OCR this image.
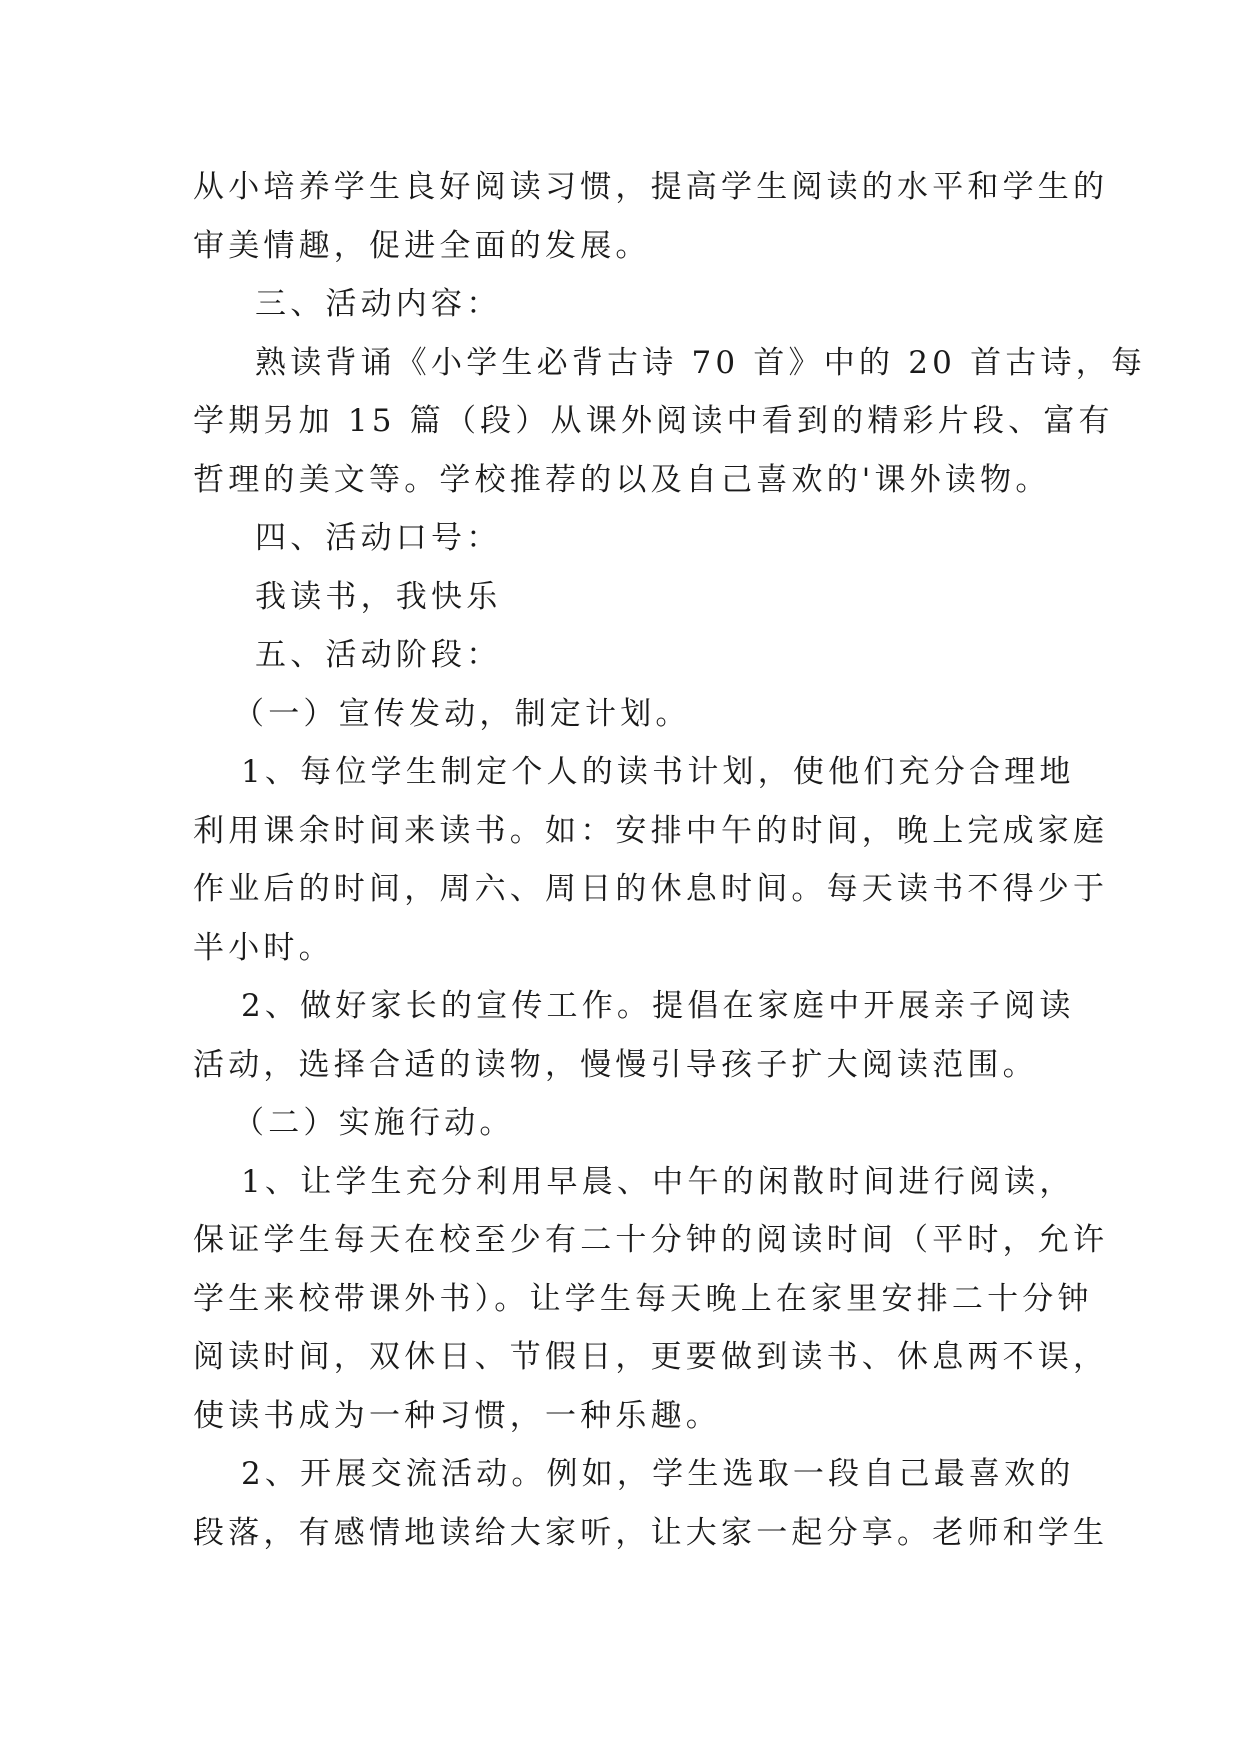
从小培养学生良好阅读习惯，提高学生阅读的水平和学生的
审美情趣，促进全面的发展。
三、活动内容：
熟读背诵《小学生必背古诗 70 首》中的 20 首古诗，每
学期另加 15 篇（段）从课外阅读中看到的精彩片段、富有
哲理的美文等。学校推荐的以及自己喜欢的'课外读物。
四、活动口号：
我读书，我快乐
五、活动阶段：
（一）宣传发动，制定计划。
1、每位学生制定个人的读书计划，使他们充分合理地
利用课余时间来读书。如：安排中午的时间，晚上完成家庭
作业后的时间，周六、周日的休息时间。每天读书不得少于
半小时。
2、做好家长的宣传工作。提倡在家庭中开展亲子阅读
活动，选择合适的读物，慢慢引导孩子扩大阅读范围。
（二）实施行动。
1、让学生充分利用早晨、中午的闲散时间进行阅读，
保证学生每天在校至少有二十分钟的阅读时间（平时，允许
学生来校带课外书）。让学生每天晚上在家里安排二十分钟
阅读时间，双休日、节假日，更要做到读书、休息两不误，
使读书成为一种习惯，一种乐趣。
2、开展交流活动。例如，学生选取一段自己最喜欢的
段落，有感情地读给大家听，让大家一起分享。老师和学生
